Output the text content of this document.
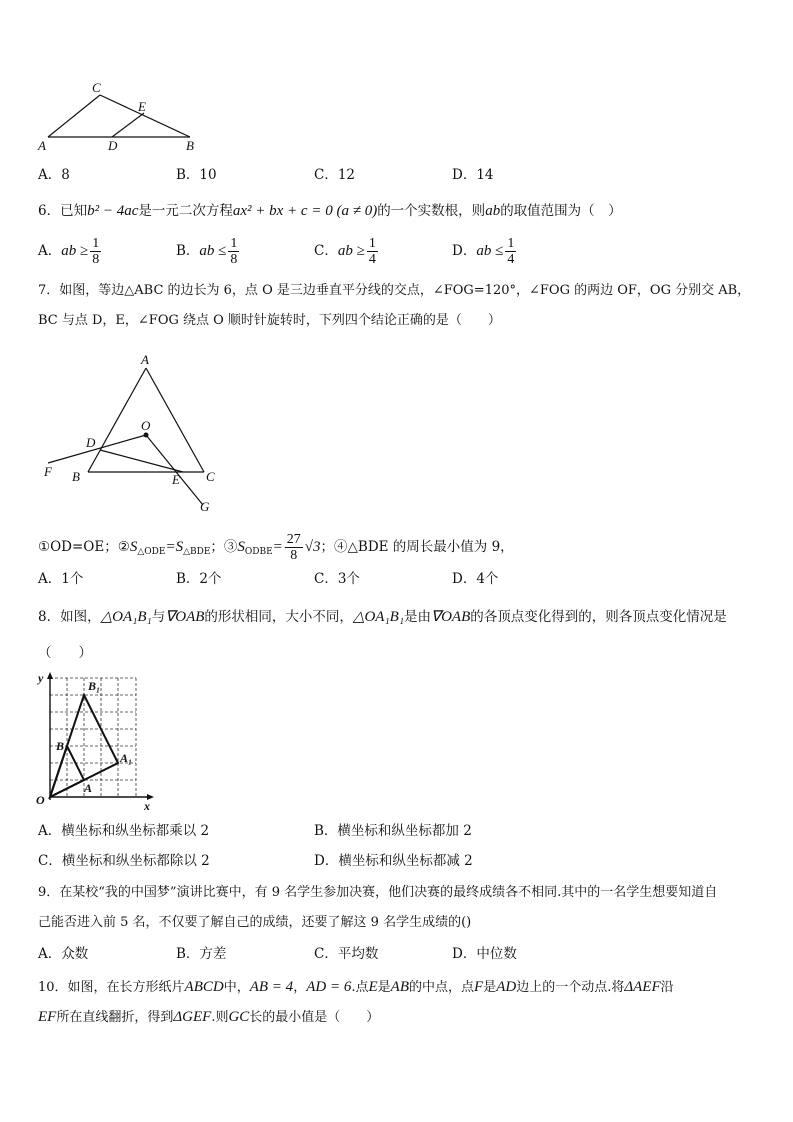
C
E
A	D	B
A．8	B．10	C．12	D．14
6．已知b² − 4ac是一元二次方程ax² + bx + c = 0 (a ≠ 0)的一个实数根，则ab的取值范围为（　）
A．ab ≥ $\frac{1}{8}$	B．ab ≤ $\frac{1}{8}$	C．ab ≥ $\frac{1}{4}$	D．ab ≤ $\frac{1}{4}$
7．如图，等边△ABC 的边长为 6，点 O 是三边垂直平分线的交点，∠FOG=120°，∠FOG 的两边 OF，OG 分别交 AB，
BC 与点 D，E，∠FOG 绕点 O 顺时针旋转时，下列四个结论正确的是（　　）
A
O
D
F B	E C
G
①OD=OE；$②S_{\triangle ODE}=S_{\triangle BDE}$；$③S_{ODBE}= \frac{27}{8} √3$；④△BDE 的周长最小值为 9，
A．1个	B．2个	C．3个	D．4个
8．如图，△OA₁B₁与∇OAB的形状相同，大小不同，△OA₁B₁是由∇OAB的各顶点变化得到的，则各顶点变化情况是
（　　）
y
x
O
A
B
A₁
B₁
A．横坐标和纵坐标都乘以 2	B．横坐标和纵坐标都加 2
C．横坐标和纵坐标都除以 2	D．横坐标和纵坐标都减 2
9．在某校“我的中国梦”演讲比赛中，有 9 名学生参加决赛，他们决赛的最终成绩各不相同.其中的一名学生想要知道自
己能否进入前 5 名，不仅要了解自己的成绩，还要了解这 9 名学生成绩的()
A．众数	B．方差	C．平均数	D．中位数
10．如图，在长方形纸片ABCD中，AB = 4，AD = 6.点E是AB的中点，点F是AD边上的一个动点.将ΔAEF沿
EF所在直线翻折，得到ΔGEF.则GC长的最小值是（　　）
